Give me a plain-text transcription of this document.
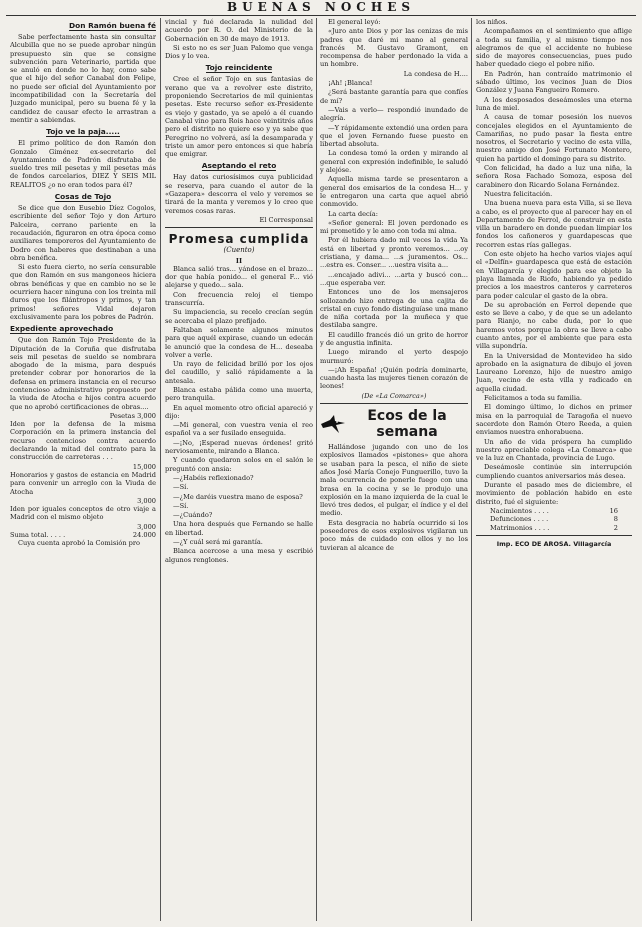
BUENAS NOCHES
Don Ramón buena fé

Sabe perfectamente hasta sin consultar Alcubilla que no se puede aprobar ningún presupuesto sin que se consigne subvención para Veterinario, partida que se anuló en donde no lo hay, como sabe que el hijo del señor Canabal don Felipe, no puede ser oficial del Ayuntamiento por incompatibilidad con la Secretaría del Juzgado municipal, pero su buena fé y la candidez de causar efecto le arrastran a mentir a sabiendas.

Tojo ve la paja.....

El primo político de don Ramón don Gonzalo Giménez ex-secretario del Ayuntamiento de Padrón disfrutaba de sueldo tres mil pesetas y mil pesetas más de fondos carcelarios, DIEZ Y SEIS MIL REALITOS ¿o no eran todos para él?

Cosas de Tojo

Se dice que don Eusebio Díez Cogolos, escribiente del señor Tojo y don Arturo Palceira, cerrano pariente en la recaudación, figuraron en otra época como auxiliares temporeros del Ayuntamiento de Dodro con haberes que destinaban a una obra benéfica.

Si esto fuera cierto, no sería censurable que don Ramón en sus mangoneos hiciera obras benéficas y que en cambio no se le ocurriera hacer ninguna con los treinta mil duros que los filántropos y primos, y tan primos! señores Vidal dejaron exclusivamente para los pobres de Padrón.

Expediente aprovechado

Que don Ramón Tojo Presidente de la Diputación de la Coruña que disfrutaba seis mil pesetas de sueldo se nombrara abogado de la misma, para después pretender cobrar por honorarios de la defensa en primera instancia en el recurso contencioso administrativo propuesto por la viuda de Atocha e hijos contra acuerdo que no aprobó certificaciones de obras....

Pesetas 3,000

Iden por la defensa de la misma Corporación en la primera instancia del recurso contencioso contra acuerdo declarando la mitad del contrato para la construcción de carreteras . . .

15,000

Honorarios y gastos de estancia en Madrid para convenir un arreglo con la Viuda de Atocha

3,000

Iden por iguales conceptos de otro viaje a Madrid con el mismo objeto

3,000
Suma total. . . . .	24.000

Cuya cuenta aprobó la Comisión pro

vincial y fué declarada la nulidad del acuerdo por R. O. del Ministerio de la Gobernación en 30 de mayo de 1913.

Si esto no es ser Juan Palomo que venga Dios y lo vea.

Tojo reincidente

Cree el señor Tojo en sus fantasias de verano que va a revolver este distrito, proponiendo Secretarios de mil quinientas pesetas. Este recurso señor ex-Presidente es viejo y gastado, ya se apeló a él cuando Canabal vino para Rois hace veintitrés años pero el distrito no quiere eso y ya sabe que Peregrino no volverá, así la desamparada y triste un amor pero entonces si que habría que emigrar.

Aseptando el reto

Hay datos curiosísimos cuya publicidad se reserva, para cuando el autor de la «Gazapera» descorra el velo y veremos se tirará de la manta y veremos y lo creo que veremos cosas raras.

El Corresponsal
Promesa cumplida
(Cuento)
II

Blanca salió tras... yándose en el brazo... dor que había ponido... el general F... vió alejarse y quedo... sala.

Con frecuencia reloj el tiempo transcurría.

Su impaciencia, su recelo crecían según se acercaba el plazo prefijado.

Faltaban solamente algunos minutos para que aquél expirase, cuando un edecán le anunció que la condesa de H... deseaba volver a verle.

Un rayo de felicidad brilló por los ojos del caudillo, y salió rápidamente a la antesala.

Blanca estaba pálida como una muerta, pero tranquila.

En aquel momento otro oficial apareció y dijo:

—Mi general, con vuestra venia el reo español va a ser fusilado enseguida.

—¡No, ¡Esperad nuevas órdenes! gritó nerviosamente, mirando a Blanca.

Y cuando quedaron solos en el salón le preguntó con ansia:

—¿Habéis reflexionado?

—Sí.

—¿Me daréis vuestra mano de esposa?

—Sí.

—¿Cuándo?

Una hora después que Fernando se halle en libertad.

—¿Y cuál será mi garantía.

Blanca acercose a una mesa y escribió algunos renglones.

El general leyó:

«Juro ante Dios y por las cenizas de mis padres que daré mi mano al general francés M. Gustavo Gramont, en recompensa de haber perdonado la vida a un hombre.

La condesa de H....

¡Ah! ¡Blanca!

¿Será bastante garantía para que confíes de mí?

—Vais a verlo— respondió inundado de alegría.

—Y rápidamente extendió una orden para que el joven Fernando fuese puesto en libertad absoluta.

La condesa tomó la orden y mirando al general con expresión indefinible, le saludó y alejóse.

Aquella misma tarde se presentaron a general dos emisarios de la condesa H... y le entregaron una carta que aquel abrió conmovido.

La carta decía:

«Señor general: El joven perdonado es mi prometido y le amo con toda mi alma.

Por él hubiera dado mil veces la vida Ya está en libertad y pronto veremos... ...oy cristiana, y dama... ...s juramentos. Os... ...estra es. Conser... ...uestra visita a...

...encajado adivi... ...arta y buscó con... ...que esperaba ver.

Entonces uno de los mensajeros sollozando hizo entrega de una cajita de cristal en cuyo fondo distinguíase una mano de niña cortada por la muñeca y que destilaba sangre.

El caudillo francés dió un grito de horror y de angustia infinita.

Luego mirando el yerto despojo murmuró:

—¡Ah España! ¡Quién podría dominarte, cuando hasta las mujeres tienen corazón de leones!

(De «La Comarca»)
Ecos de la semana

Hallándose jugando con uno de los explosivos llamados «pistones» que ahora se usaban para la pesca, el niño de siete años José María Conejo Funguerillo, tuvo la mala ocurrencia de ponerle fuego con una brasa en la cocina y se le produjo una explosión en la mano izquierda de la cual le llevó tres dedos, el pulgar, el índice y el del medio.

Esta desgracia no habría ocurrido si los poseedores de esos explosivos vigilaran un poco más de cuidado con ellos y no los tuvieran al alcance de

los niños.

Acompañamos en el sentimiento que aflige a toda su familia, y al mismo tiempo nos alegramos de que el accidente no hubiese sido de mayores consecuencias, pues pudo haber quedado ciego el pobre niño.

En Padrón, han contraído matrimonio el sábado último, los vecinos Juan de Dios González y Juana Fangueiro Romero.

A los desposados deseámosles una eterna luna de miel.

A causa de tomar posesión los nuevos concejales elegidos en el Ayuntamiento de Camariñas, no pudo pasar la fiesta entre nosotros, el Secretario y vecino de esta villa, nuestro amigo don José Fortunato Montero, quien ha partido el domingo para su distrito.

Con felicidad, ha dado a luz una niña, la señora Rosa Fachado Somoza, esposa del carabinero don Ricardo Solana Fernández.

Nuestra felicitación.

Una buena nueva para esta Villa, si se lleva a cabo, es el proyecto que al parecer hay en el Departamento de Ferrol, de construir en esta villa un baradero en donde puedan limpiar los fondos los cañoneros y guardapescas que recorren estas rías gallegas.

Con este objeto ha hecho varios viajes aquí el «Delfín» guardapesca que está de estación en Villagarcía y elegido para ese objeto la playa llamada de Riofo, habiendo ya pedido precios a los maestros canteros y carreteros para poder calcular el gasto de la obra.

De su aprobación en Ferrol depende que esto se lleve a cabo, y de que se un adelanto para Rianjo, no cabe duda, por lo que haremos votos porque la obra se lleve a cabo cuanto antes, por el ambiente que para esta villa supondría.

En la Universidad de Montevideo ha sido aprobado en la asignatura de dibujo el joven Laureano Lorenzo, hijo de nuestro amigo Juan, vecino de esta villa y radicado en aquella ciudad.

Felicitamos a toda su familia.

El domingo último, lo dichos en primer misa en la parroquial de Taragoña el nuevo sacerdote don Ramón Otero Reeda, a quien enviamos nuestra enhorabuena.

Un año de vida próspera ha cumplido nuestro apreciable colega «La Comarca» que ve la luz en Chantada, provincia de Lugo.

Deseámosle continúe sin interrupción cumpliendo cuantos aniversarios más desea.

Durante el pasado mes de diciembre, el movimiento de población habido en este distrito, fué el siguiente:

Nacimientos . . . .	16
Defunciones . . . .	8
Matrimonios . . . .	2
Imp. ECO DE AROSA. Villagarcía
